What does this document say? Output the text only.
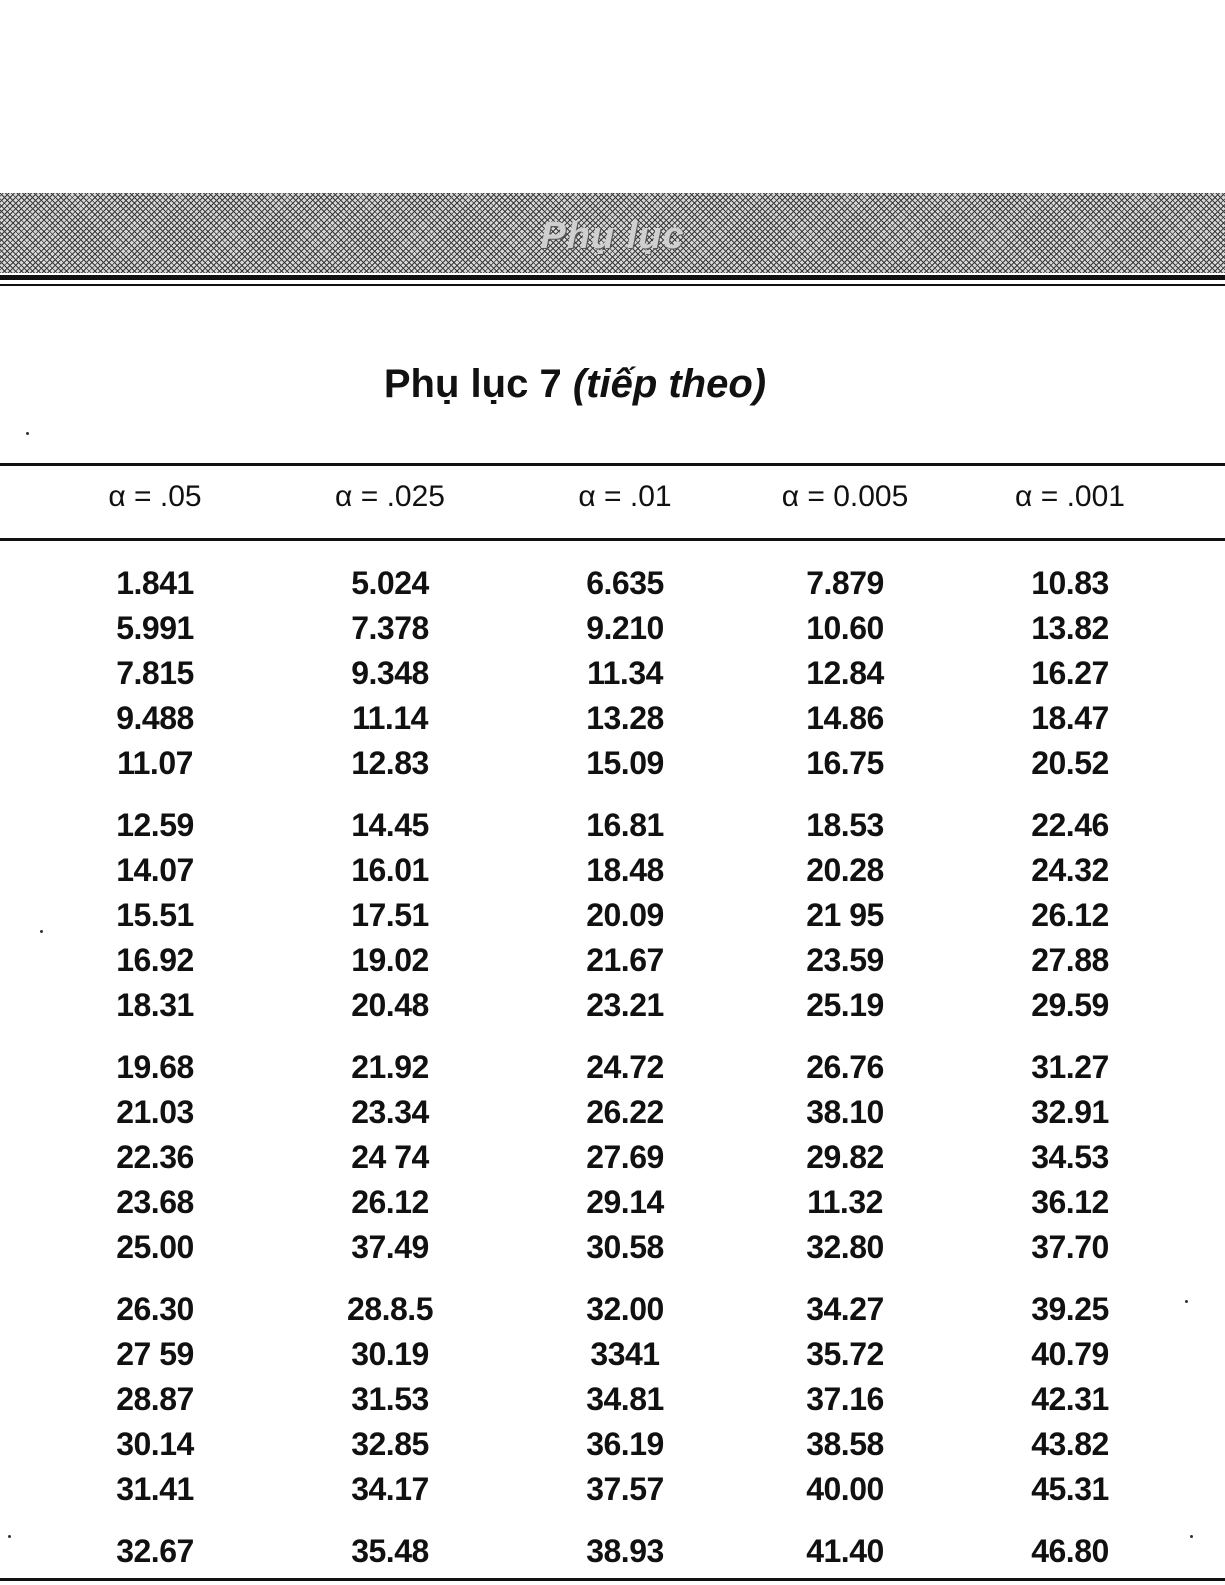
Phụ lục
Phụ lục 7 (tiếp theo)
α = .05	α = .025	α = .01	α = 0.005	α = .001
1.841	5.024	6.635	7.879	10.83
5.991	7.378	9.210	10.60	13.82
7.815	9.348	11.34	12.84	16.27
9.488	11.14	13.28	14.86	18.47
11.07	12.83	15.09	16.75	20.52
12.59	14.45	16.81	18.53	22.46
14.07	16.01	18.48	20.28	24.32
15.51	17.51	20.09	21 95	26.12
16.92	19.02	21.67	23.59	27.88
18.31	20.48	23.21	25.19	29.59
19.68	21.92	24.72	26.76	31.27
21.03	23.34	26.22	38.10	32.91
22.36	24 74	27.69	29.82	34.53
23.68	26.12	29.14	11.32	36.12
25.00	37.49	30.58	32.80	37.70
26.30	28.8.5	32.00	34.27	39.25
27 59	30.19	3341	35.72	40.79
28.87	31.53	34.81	37.16	42.31
30.14	32.85	36.19	38.58	43.82
31.41	34.17	37.57	40.00	45.31
32.67	35.48	38.93	41.40	46.80
